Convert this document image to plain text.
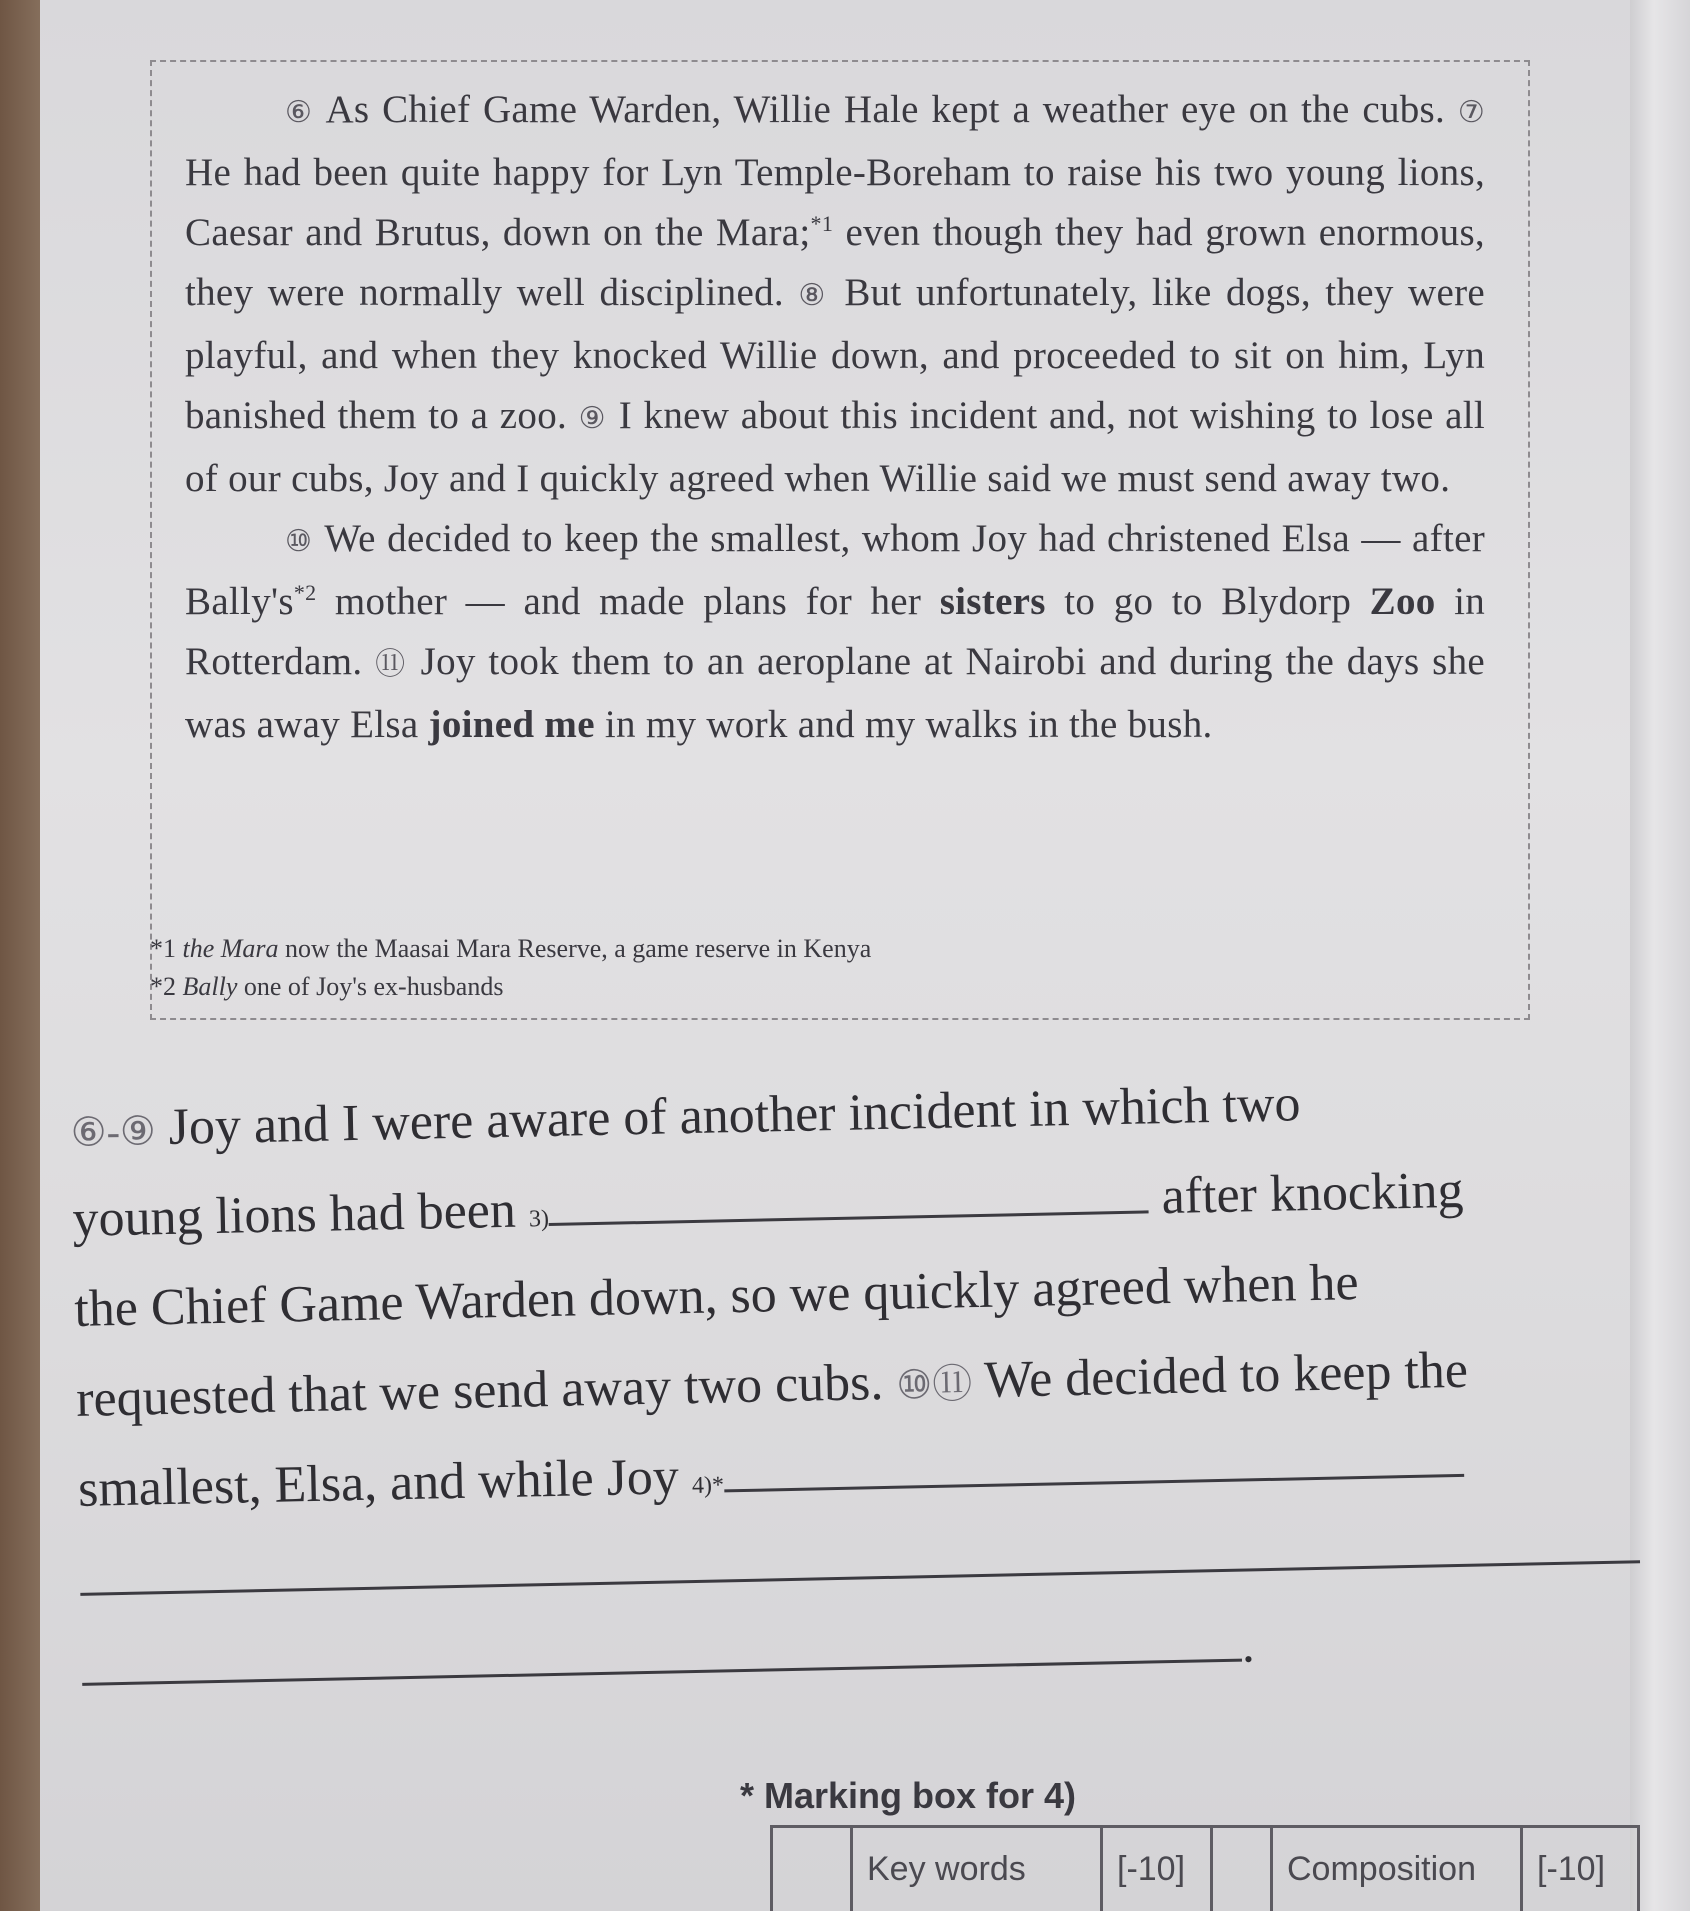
⑥ As Chief Game Warden, Willie Hale kept a weather eye on the cubs. ⑦ He had been quite happy for Lyn Temple-Boreham to raise his two young lions, Caesar and Brutus, down on the Mara;$^{*1}$ even though they had grown enormous, they were normally well disciplined. ⑧ But unfortunately, like dogs, they were playful, and when they knocked Willie down, and proceeded to sit on him, Lyn banished them to a zoo. ⑨ I knew about this incident and, not wishing to lose all of our cubs, Joy and I quickly agreed when Willie said we must send away two.

⑩ We decided to keep the smallest, whom Joy had christened Elsa — after $Bally's^{*2}$ mother — and made plans for her sisters to go to Blydorp Zoo in Rotterdam. ⑪ Joy took them to an aeroplane at Nairobi and during the days she was away Elsa joined me in my work and my walks in the bush.

*1 the Mara now the Maasai Mara Reserve, a game reserve in Kenya
*2 Bally one of Joy's ex-husbands
⑥-⑨ Joy and I were aware of another incident in which two
young lions had been 3)	after knocking
the Chief Game Warden down, so we quickly agreed when he
requested that we send away two cubs. ⑩⑪ We decided to keep the
smallest, Elsa, and while Joy 4)*
.
* Marking box for 4)
Key words	[-10]	Composition [-10]
